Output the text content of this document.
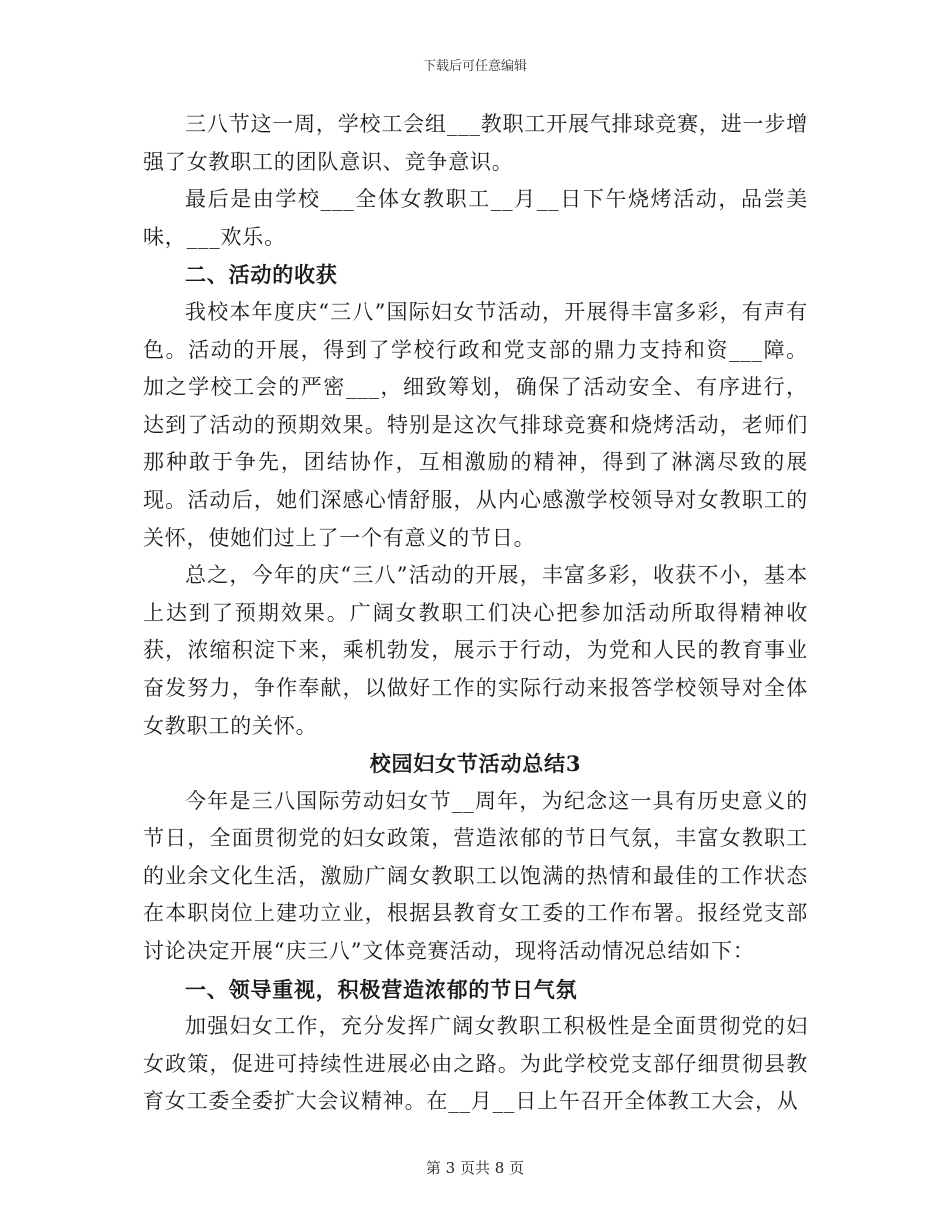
下载后可任意编辑

三八节这一周，学校工会组___教职工开展气排球竞赛，进一步增强了女教职工的团队意识、竞争意识。

最后是由学校___全体女教职工__月__日下午烧烤活动，品尝美味，___欢乐。

二、活动的收获

我校本年度庆“三八”国际妇女节活动，开展得丰富多彩，有声有色。活动的开展，得到了学校行政和党支部的鼎力支持和资___障。加之学校工会的严密___，细致筹划，确保了活动安全、有序进行，达到了活动的预期效果。特别是这次气排球竞赛和烧烤活动，老师们那种敢于争先，团结协作，互相激励的精神，得到了淋漓尽致的展现。活动后，她们深感心情舒服，从内心感激学校领导对女教职工的关怀，使她们过上了一个有意义的节日。

总之，今年的庆“三八”活动的开展，丰富多彩，收获不小，基本上达到了预期效果。广阔女教职工们决心把参加活动所取得精神收获，浓缩积淀下来，乘机勃发，展示于行动，为党和人民的教育事业奋发努力，争作奉献，以做好工作的实际行动来报答学校领导对全体女教职工的关怀。

校园妇女节活动总结3

今年是三八国际劳动妇女节__周年，为纪念这一具有历史意义的节日，全面贯彻党的妇女政策，营造浓郁的节日气氛，丰富女教职工的业余文化生活，激励广阔女教职工以饱满的热情和最佳的工作状态在本职岗位上建功立业，根据县教育女工委的工作布署。报经党支部讨论决定开展“庆三八”文体竞赛活动，现将活动情况总结如下：

一、领导重视，积极营造浓郁的节日气氛

加强妇女工作，充分发挥广阔女教职工积极性是全面贯彻党的妇女政策，促进可持续性进展必由之路。为此学校党支部仔细贯彻县教育女工委全委扩大会议精神。在__月__日上午召开全体教工大会，从

第 3 页共 8 页
